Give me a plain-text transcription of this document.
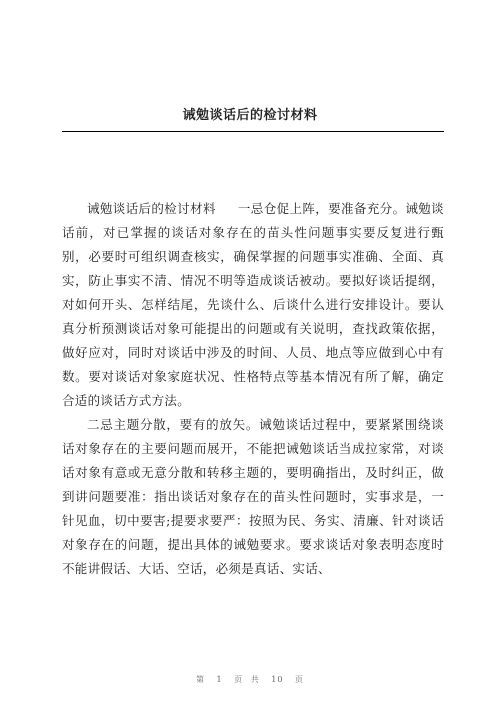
诫勉谈话后的检讨材料

诫勉谈话后的检讨材料 一忌仓促上阵，要准备充分。诫勉谈话前，对已掌握的谈话对象存在的苗头性问题事实要反复进行甄别，必要时可组织调查核实，确保掌握的问题事实准确、全面、真实，防止事实不清、情况不明等造成谈话被动。要拟好谈话提纲，对如何开头、怎样结尾，先谈什么、后谈什么进行安排设计。要认真分析预测谈话对象可能提出的问题或有关说明，查找政策依据，做好应对，同时对谈话中涉及的时间、人员、地点等应做到心中有数。要对谈话对象家庭状况、性格特点等基本情况有所了解，确定合适的谈话方式方法。

二忌主题分散，要有的放矢。诫勉谈话过程中，要紧紧围绕谈话对象存在的主要问题而展开，不能把诫勉谈话当成拉家常，对谈话对象有意或无意分散和转移主题的，要明确指出，及时纠正，做到讲问题要准：指出谈话对象存在的苗头性问题时，实事求是，一针见血，切中要害;提要求要严：按照为民、务实、清廉、针对谈话对象存在的问题，提出具体的诫勉要求。要求谈话对象表明态度时不能讲假话、大话、空话，必须是真话、实话、

第 1 页 共 10 页
